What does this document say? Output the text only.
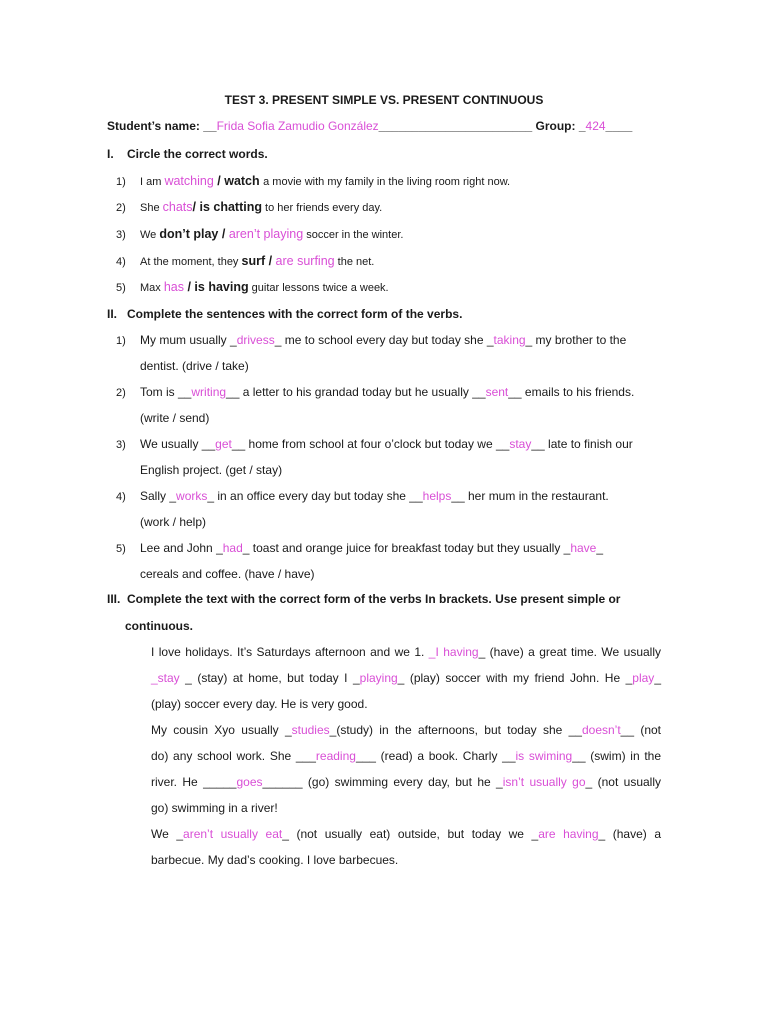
TEST 3. PRESENT SIMPLE VS. PRESENT CONTINUOUS
Student’s name: __Frida Sofia Zamudio González_______________________ Group: _424____
I. Circle the correct words.
1) I am watching / watch a movie with my family in the living room right now.
2) She chats/ is chatting to her friends every day.
3) We don’t play / aren’t playing soccer in the winter.
4) At the moment, they surf / are surfing the net.
5) Max has / is having guitar lessons twice a week.
II. Complete the sentences with the correct form of the verbs.
1) My mum usually _drivess_ me to school every day but today she _taking_ my brother to the
dentist. (drive / take)
2) Tom is __writing__ a letter to his grandad today but he usually __sent__ emails to his friends.
(write / send)
3) We usually __get__ home from school at four o’clock but today we __stay__ late to finish our
English project. (get / stay)
4) Sally _works_ in an office every day but today she __helps__ her mum in the restaurant.
(work / help)
5) Lee and John _had_ toast and orange juice for breakfast today but they usually _have_
cereals and coffee. (have / have)
III. Complete the text with the correct form of the verbs In brackets. Use present simple or
continuous.
I love holidays. It’s Saturdays afternoon and we 1. _I having_ (have) a great time. We usually
_stay _ (stay) at home, but today I _playing_ (play) soccer with my friend John. He _play_
(play) soccer every day. He is very good.
My cousin Xyo usually _studies_(study) in the afternoons, but today she __doesn’t__ (not
do) any school work. She ___reading___ (read) a book. Charly __is swiming__ (swim) in the
river. He _____goes______ (go) swimming every day, but he _isn’t usually go_ (not usually
go) swimming in a river!
We _aren’t usually eat_ (not usually eat) outside, but today we _are having_ (have) a
barbecue. My dad’s cooking. I love barbecues.
